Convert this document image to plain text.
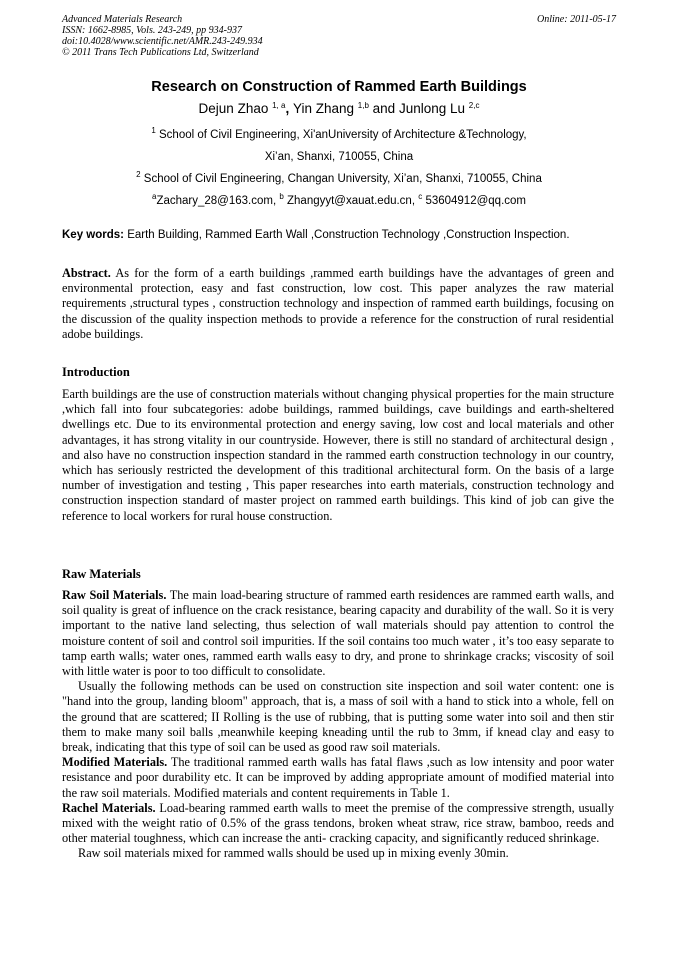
Advanced Materials Research
ISSN: 1662-8985, Vols. 243-249, pp 934-937
doi:10.4028/www.scientific.net/AMR.243-249.934
© 2011 Trans Tech Publications Ltd, Switzerland
Online: 2011-05-17
Research on Construction of Rammed Earth Buildings
Dejun Zhao $^{1, a}$, Yin Zhang $^{1,b}$ and Junlong Lu $^{2,c}$
$^1$ School of Civil Engineering, Xi'anUniversity of Architecture &Technology,
Xi’an, Shanxi, 710055, China
$^2$ School of Civil Engineering, Changan University, Xi’an, Shanxi, 710055, China
$^a$Zachary_28@163.com, $^b$ Zhangyyt@xauat.edu.cn, $^c$ 53604912@qq.com
Key words: Earth Building, Rammed Earth Wall ,Construction Technology ,Construction Inspection.

Abstract. As for the form of a earth buildings ,rammed earth buildings have the advantages of green and environmental protection, easy and fast construction, low cost. This paper analyzes the raw material requirements ,structural types , construction technology and inspection of rammed earth buildings, focusing on the discussion of the quality inspection methods to provide a reference for the construction of rural residential adobe buildings.

Introduction

Earth buildings are the use of construction materials without changing physical properties for the main structure ,which fall into four subcategories: adobe buildings, rammed buildings, cave buildings and earth-sheltered dwellings etc. Due to its environmental protection and energy saving, low cost and local materials and other advantages, it has strong vitality in our countryside. However, there is still no standard of architectural design , and also have no construction inspection standard in the rammed earth construction technology in our country, which has seriously restricted the development of this traditional architectural form. On the basis of a large number of investigation and testing , This paper researches into earth materials, construction technology and construction inspection standard of master project on rammed earth buildings. This kind of job can give the reference to local workers for rural house construction.

Raw Materials

Raw Soil Materials. The main load-bearing structure of rammed earth residences are rammed earth walls, and soil quality is great of influence on the crack resistance, bearing capacity and durability of the wall. So it is very important to the native land selecting, thus selection of wall materials should pay attention to control the moisture content of soil and control soil impurities. If the soil contains too much water , it’s too easy separate to tamp earth walls; water ones, rammed earth walls easy to dry, and prone to shrinkage cracks; viscosity of soil with little water is poor to too difficult to consolidate.

Usually the following methods can be used on construction site inspection and soil water content: one is "hand into the group, landing bloom" approach, that is, a mass of soil with a hand to stick into a whole, fell on the ground that are scattered; II Rolling is the use of rubbing, that is putting some water into soil and then stir them to make many soil balls ,meanwhile keeping kneading until the rub to 3mm, if knead clay and easy to break, indicating that this type of soil can be used as good raw soil materials.

Modified Materials. The traditional rammed earth walls has fatal flaws ,such as low intensity and poor water resistance and poor durability etc. It can be improved by adding appropriate amount of modified material into the raw soil materials. Modified materials and content requirements in Table 1.

Rachel Materials. Load-bearing rammed earth walls to meet the premise of the compressive strength, usually mixed with the weight ratio of 0.5% of the grass tendons, broken wheat straw, rice straw, bamboo, reeds and other material toughness, which can increase the anti- cracking capacity, and significantly reduced shrinkage.

Raw soil materials mixed for rammed walls should be used up in mixing evenly 30min.
